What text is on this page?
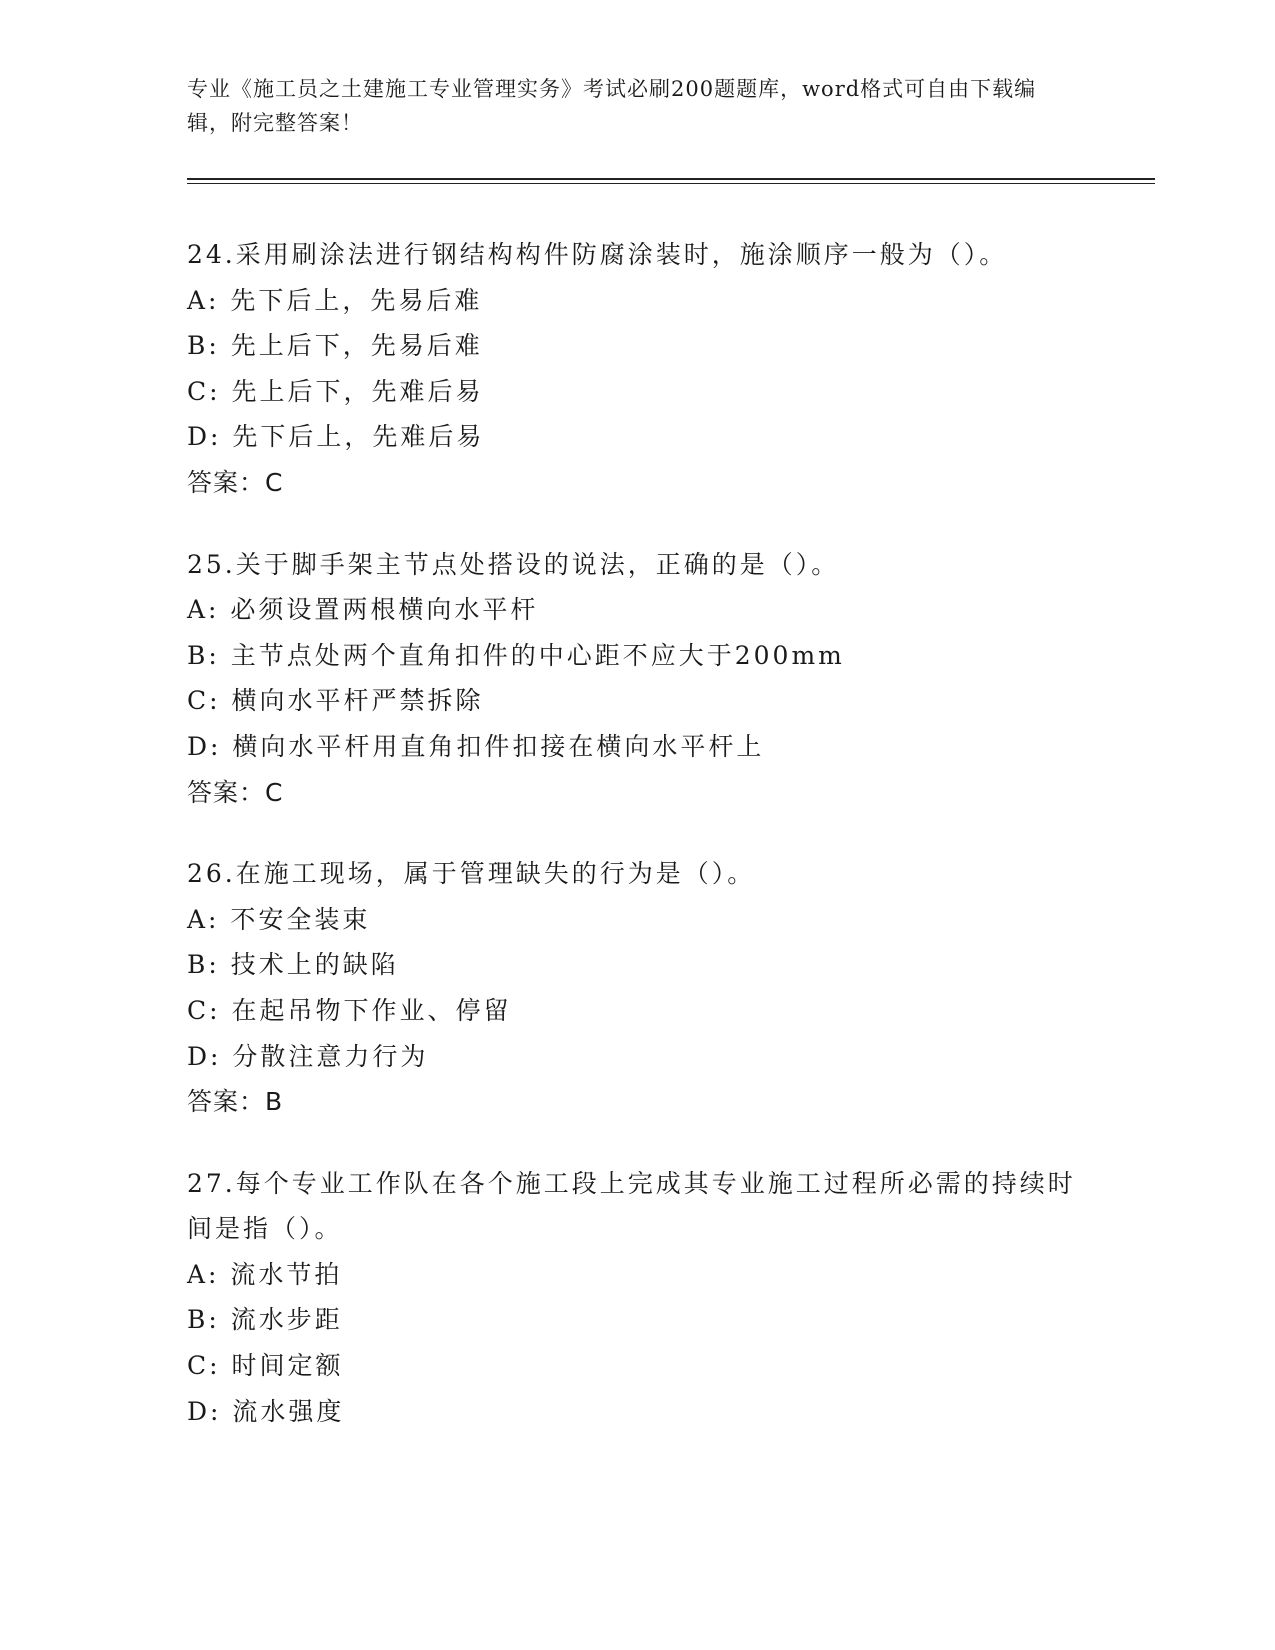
专业《施工员之土建施工专业管理实务》考试必刷200题题库，word格式可自由下载编辑，附完整答案！
24.采用刷涂法进行钢结构构件防腐涂装时，施涂顺序一般为（）。
A: 先下后上，先易后难
B: 先上后下，先易后难
C: 先上后下，先难后易
D: 先下后上，先难后易
答案：C
25.关于脚手架主节点处搭设的说法，正确的是（）。
A: 必须设置两根横向水平杆
B: 主节点处两个直角扣件的中心距不应大于200mm
C: 横向水平杆严禁拆除
D: 横向水平杆用直角扣件扣接在横向水平杆上
答案：C
26.在施工现场，属于管理缺失的行为是（）。
A: 不安全装束
B: 技术上的缺陷
C: 在起吊物下作业、停留
D: 分散注意力行为
答案：B
27.每个专业工作队在各个施工段上完成其专业施工过程所必需的持续时间是指（）。
A: 流水节拍
B: 流水步距
C: 时间定额
D: 流水强度
